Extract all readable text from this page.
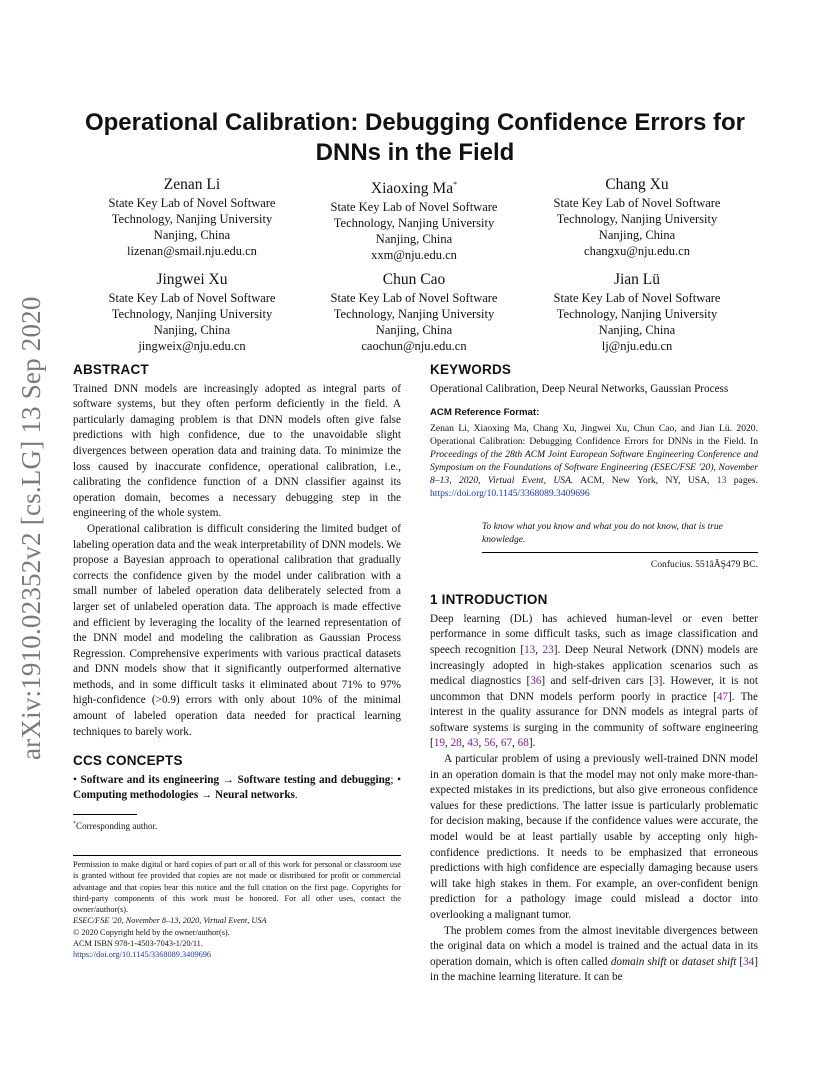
arXiv:1910.02352v2 [cs.LG] 13 Sep 2020
Operational Calibration: Debugging Confidence Errors for
DNNs in the Field
Zenan Li
State Key Lab of Novel Software
Technology, Nanjing University
Nanjing, China
lizenan@smail.nju.edu.cn
Xiaoxing Ma*
State Key Lab of Novel Software
Technology, Nanjing University
Nanjing, China
xxm@nju.edu.cn
Chang Xu
State Key Lab of Novel Software
Technology, Nanjing University
Nanjing, China
changxu@nju.edu.cn
Jingwei Xu
State Key Lab of Novel Software
Technology, Nanjing University
Nanjing, China
jingweix@nju.edu.cn
Chun Cao
State Key Lab of Novel Software
Technology, Nanjing University
Nanjing, China
caochun@nju.edu.cn
Jian Lü
State Key Lab of Novel Software
Technology, Nanjing University
Nanjing, China
lj@nju.edu.cn
ABSTRACT

Trained DNN models are increasingly adopted as integral parts of software systems, but they often perform deficiently in the field. A particularly damaging problem is that DNN models often give false predictions with high confidence, due to the unavoidable slight divergences between operation data and training data. To minimize the loss caused by inaccurate confidence, operational calibration, i.e., calibrating the confidence function of a DNN classifier against its operation domain, becomes a necessary debugging step in the engineering of the whole system.

Operational calibration is difficult considering the limited budget of labeling operation data and the weak interpretability of DNN models. We propose a Bayesian approach to operational calibration that gradually corrects the confidence given by the model under calibration with a small number of labeled operation data deliberately selected from a larger set of unlabeled operation data. The approach is made effective and efficient by leveraging the locality of the learned representation of the DNN model and modeling the calibration as Gaussian Process Regression. Comprehensive experiments with various practical datasets and DNN models show that it significantly outperformed alternative methods, and in some difficult tasks it eliminated about 71% to 97% high-confidence (>0.9) errors with only about 10% of the minimal amount of labeled operation data needed for practical learning techniques to barely work.

CCS CONCEPTS

• Software and its engineering → Software testing and debugging; • Computing methodologies → Neural networks.

*Corresponding author.
Permission to make digital or hard copies of part or all of this work for personal or classroom use is granted without fee provided that copies are not made or distributed for profit or commercial advantage and that copies bear this notice and the full citation on the first page. Copyrights for third-party components of this work must be honored. For all other uses, contact the owner/author(s).
ESEC/FSE '20, November 8–13, 2020, Virtual Event, USA
© 2020 Copyright held by the owner/author(s).
ACM ISBN 978-1-4503-7043-1/20/11.
https://doi.org/10.1145/3368089.3409696
KEYWORDS

Operational Calibration, Deep Neural Networks, Gaussian Process

ACM Reference Format:

Zenan Li, Xiaoxing Ma, Chang Xu, Jingwei Xu, Chun Cao, and Jian Lü. 2020. Operational Calibration: Debugging Confidence Errors for DNNs in the Field. In Proceedings of the 28th ACM Joint European Software Engineering Conference and Symposium on the Foundations of Software Engineering (ESEC/FSE '20), November 8–13, 2020, Virtual Event, USA. ACM, New York, NY, USA, 13 pages. https://doi.org/10.1145/3368089.3409696

To know what you know and what you do not know, that is true knowledge.
Confucius. 551âĂŞ479 BC.
1 INTRODUCTION

Deep learning (DL) has achieved human-level or even better performance in some difficult tasks, such as image classification and speech recognition [13, 23]. Deep Neural Network (DNN) models are increasingly adopted in high-stakes application scenarios such as medical diagnostics [36] and self-driven cars [3]. However, it is not uncommon that DNN models perform poorly in practice [47]. The interest in the quality assurance for DNN models as integral parts of software systems is surging in the community of software engineering [19, 28, 43, 56, 67, 68].

A particular problem of using a previously well-trained DNN model in an operation domain is that the model may not only make more-than-expected mistakes in its predictions, but also give erroneous confidence values for these predictions. The latter issue is particularly problematic for decision making, because if the confidence values were accurate, the model would be at least partially usable by accepting only high-confidence predictions. It needs to be emphasized that erroneous predictions with high confidence are especially damaging because users will take high stakes in them. For example, an over-confident benign prediction for a pathology image could mislead a doctor into overlooking a malignant tumor.

The problem comes from the almost inevitable divergences between the original data on which a model is trained and the actual data in its operation domain, which is often called domain shift or dataset shift [34] in the machine learning literature. It can be
